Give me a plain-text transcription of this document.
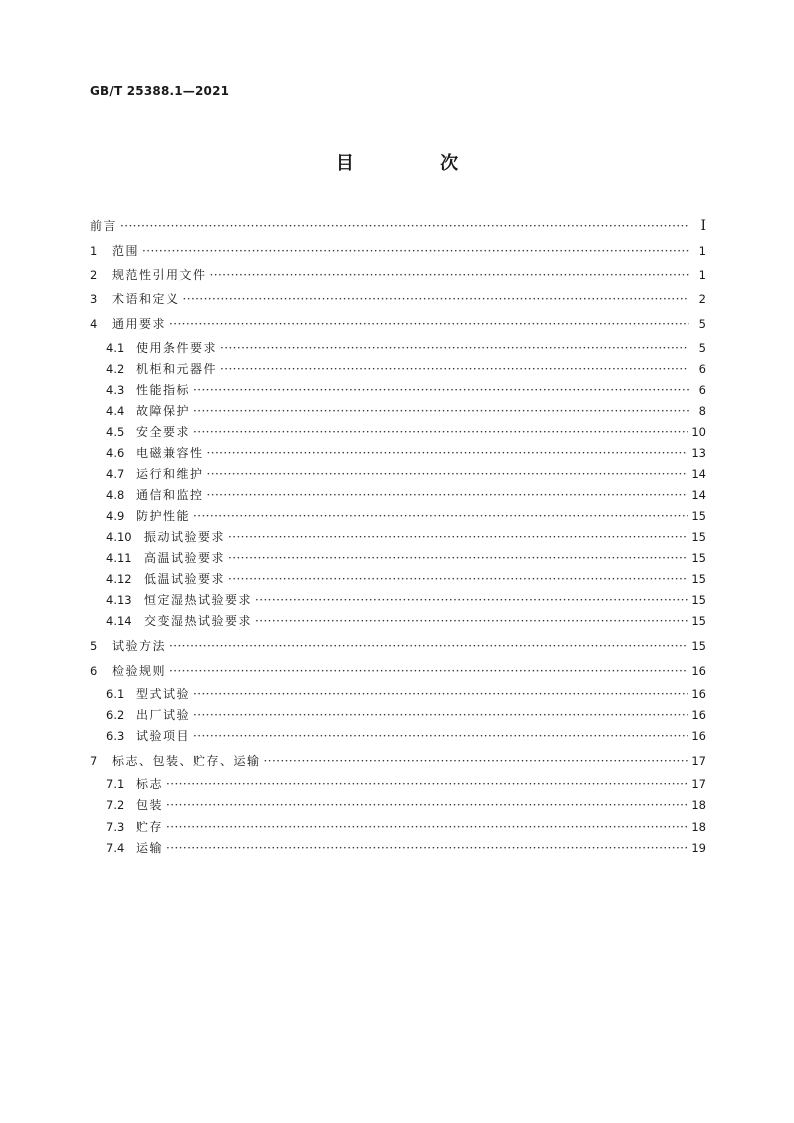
GB/T 25388.1—2021
目 次
前言 ·····	I
1	范围 ·····	1
2	规范性引用文件 ·····	1
3	术语和定义 ·····	2
4	通用要求 ·····	5
4.1 使用条件要求 ·····	5
4.2 机柜和元器件 ·····	6
4.3 性能指标 ·····	6
4.4 故障保护 ·····	8
4.5 安全要求 ·····	10
4.6 电磁兼容性 ·····	13
4.7 运行和维护 ·····	14
4.8 通信和监控 ·····	14
4.9 防护性能 ·····	15
4.10	振动试验要求 ·····	15
4.11	高温试验要求 ·····	15
4.12	低温试验要求 ·····	15
4.13	恒定湿热试验要求 ·····	15
4.14	交变湿热试验要求 ·····	15
5	试验方法 ·····	15
6	检验规则 ·····	16
6.1 型式试验 ·····	16
6.2 出厂试验 ·····	16
6.3 试验项目 ·····	16
7	标志、包装、贮存、运输 ·····	17
7.1 标志 ·····	17
7.2 包装 ·····	18
7.3 贮存 ·····	18
7.4 运输 ·····	19
